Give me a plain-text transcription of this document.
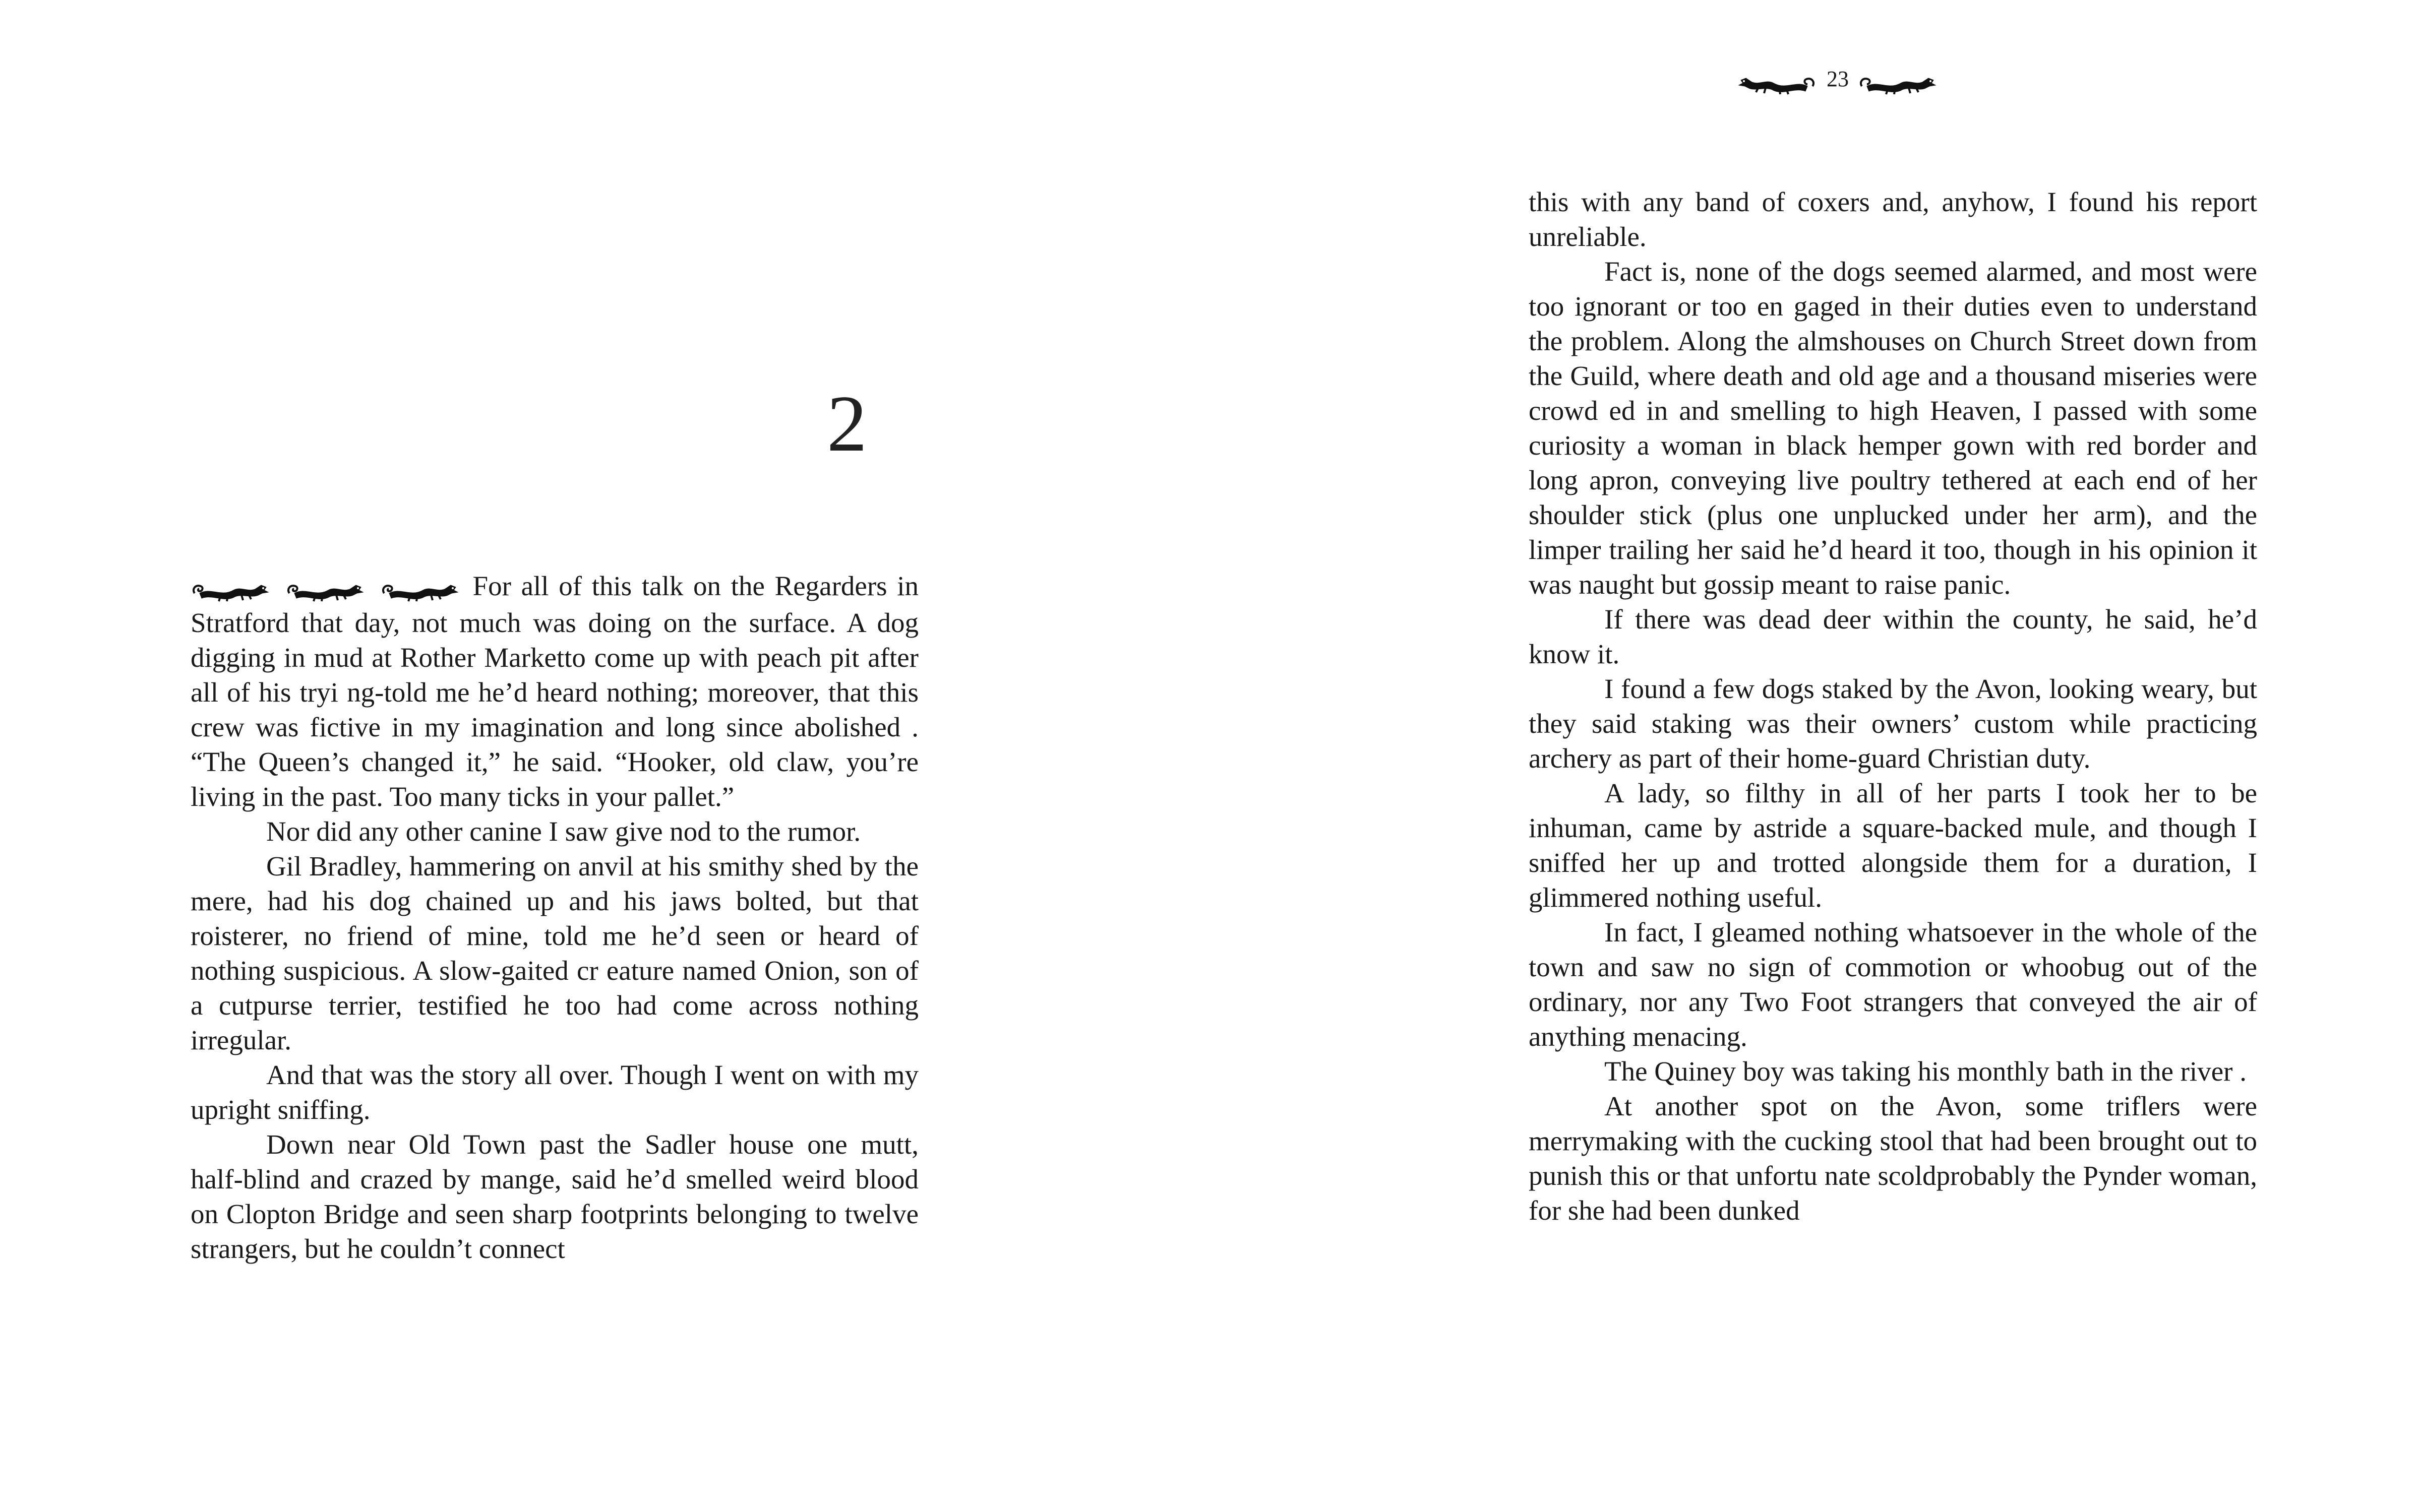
2

For all of this talk on the Regarders in Stratford that day, not much was doing on the surface. A dog digging in mud at Rother Marketto come up with peach pit after all of his tryi ng-told me he’d heard nothing; moreover, that this crew was fictive in my imagination and long since abolished . “The Queen’s changed it,” he said. “Hooker, old claw, you’re living in the past. Too many ticks in your pallet.”

Nor did any other canine I saw give nod to the rumor.

Gil Bradley, hammering on anvil at his smithy shed by the mere, had his dog chained up and his jaws bolted, but that roisterer, no friend of mine, told me he’d seen or heard of nothing suspicious. A slow-gaited cr eature named Onion, son of a cutpurse terrier, testified he too had come across nothing irregular.

And that was the story all over. Though I went on with my upright sniffing.

Down near Old Town past the Sadler house one mutt, half-blind and crazed by mange, said he’d smelled weird blood on Clopton Bridge and seen sharp footprints belonging to twelve strangers, but he couldn’t connect

23

this with any band of coxers and, anyhow, I found his report unreliable.

Fact is, none of the dogs seemed alarmed, and most were too ignorant or too en gaged in their duties even to understand the problem. Along the almshouses on Church Street down from the Guild, where death and old age and a thousand miseries were crowd ed in and smelling to high Heaven, I passed with some curiosity a woman in black hemper gown with red border and long apron, conveying live poultry tethered at each end of her shoulder stick (plus one unplucked under her arm), and the limper trailing her said he’d heard it too, though in his opinion it was naught but gossip meant to raise panic.

If there was dead deer within the county, he said, he’d know it.

I found a few dogs staked by the Avon, looking weary, but they said staking was their owners’ custom while practicing archery as part of their home-guard Christian duty.

A lady, so filthy in all of her parts I took her to be inhuman, came by astride a square-backed mule, and though I sniffed her up and trotted alongside them for a duration, I glimmered nothing useful.

In fact, I gleamed nothing whatsoever in the whole of the town and saw no sign of commotion or whoobug out of the ordinary, nor any Two Foot strangers that conveyed the air of anything menacing.

The Quiney boy was taking his monthly bath in the river .

At another spot on the Avon, some triflers were merrymaking with the cucking stool that had been brought out to punish this or that unfortu nate scoldprobably the Pynder woman, for she had been dunked
